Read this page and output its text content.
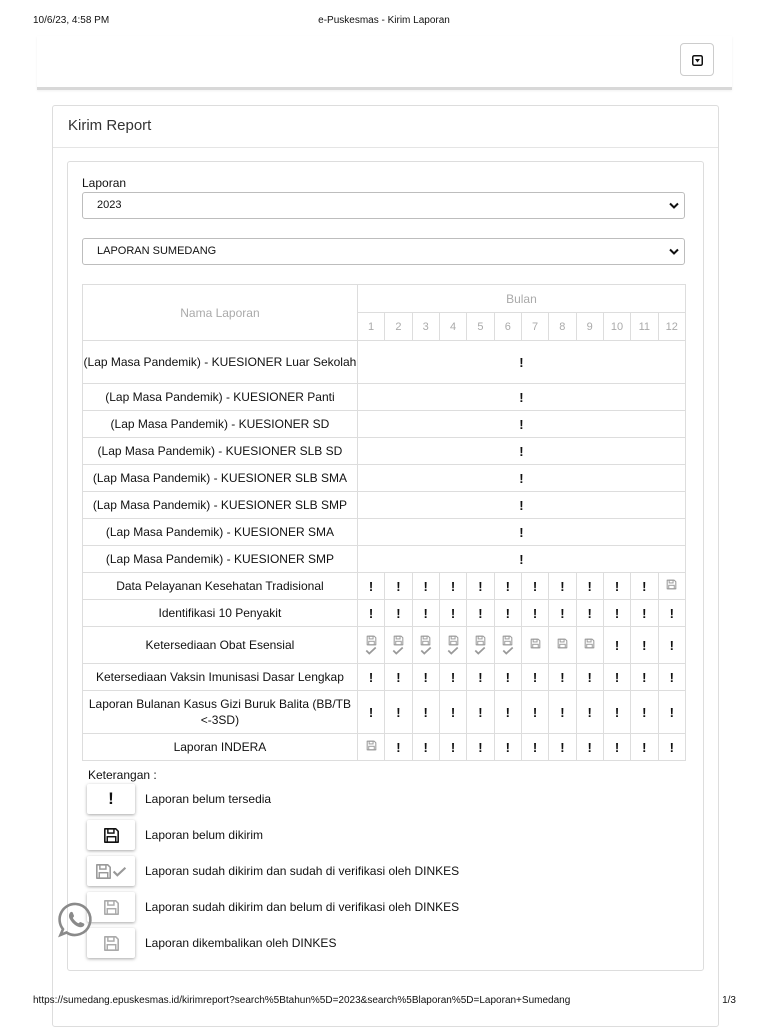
10/6/23, 4:58 PM	e-Puskesmas - Kirim Laporan
Kirim Report
Laporan
2023
LAPORAN SUMEDANG
Nama Laporan	Bulan											
	1	2	3	4	5	6	7	8	9	10	11	12
(Lap Masa Pandemik) - KUESIONER Luar Sekolah	!											
(Lap Masa Pandemik) - KUESIONER Panti	!											
(Lap Masa Pandemik) - KUESIONER SD	!											
(Lap Masa Pandemik) - KUESIONER SLB SD	!											
(Lap Masa Pandemik) - KUESIONER SLB SMA	!											
(Lap Masa Pandemik) - KUESIONER SLB SMP	!											
(Lap Masa Pandemik) - KUESIONER SMA	!											
(Lap Masa Pandemik) - KUESIONER SMP	!											
Data Pelayanan Kesehatan Tradisional	!	!	!	!	!	!	!	!	!	!	!	
Identifikasi 10 Penyakit	!	!	!	!	!	!	!	!	!	!	!	!
Ketersediaan Obat Esensial										!	!	!
Ketersediaan Vaksin Imunisasi Dasar Lengkap	!	!	!	!	!	!	!	!	!	!	!	!
Laporan Bulanan Kasus Gizi Buruk Balita (BB/TB <-3SD)	!	!	!	!	!	!	!	!	!	!	!	!
Laporan INDERA		!	!	!	!	!	!	!	!	!	!	!
Keterangan :
!	Laporan belum tersedia
Laporan belum dikirim
Laporan sudah dikirim dan sudah di verifikasi oleh DINKES
Laporan sudah dikirim dan belum di verifikasi oleh DINKES
Laporan dikembalikan oleh DINKES
https://sumedang.epuskesmas.id/kirimreport?search%5Btahun%5D=2023&search%5Blaporan%5D=Laporan+Sumedang	1/3
